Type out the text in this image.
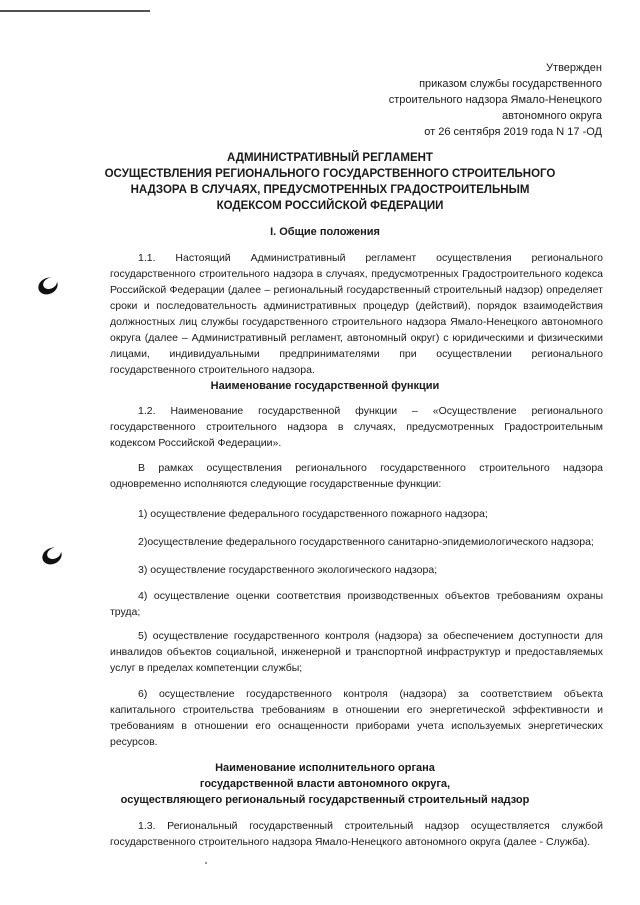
Утвержден
приказом службы государственного
строительного надзора Ямало-Ненецкого
автономного округа
от 26 сентября 2019 года N 17 -ОД
АДМИНИСТРАТИВНЫЙ РЕГЛАМЕНТ
ОСУЩЕСТВЛЕНИЯ РЕГИОНАЛЬНОГО ГОСУДАРСТВЕННОГО СТРОИТЕЛЬНОГО
НАДЗОРА В СЛУЧАЯХ, ПРЕДУСМОТРЕННЫХ ГРАДОСТРОИТЕЛЬНЫМ
КОДЕКСОМ РОССИЙСКОЙ ФЕДЕРАЦИИ
I. Общие положения
1.1. Настоящий Административный регламент осуществления регионального государственного строительного надзора в случаях, предусмотренных Градостроительного кодекса Российской Федерации (далее – региональный государственный строительный надзор) определяет сроки и последовательность административных процедур (действий), порядок взаимодействия должностных лиц службы государственного строительного надзора Ямало-Ненецкого автономного округа (далее – Административный регламент, автономный округ) с юридическими и физическими лицами, индивидуальными предпринимателями при осуществлении регионального государственного строительного надзора.
Наименование государственной функции
1.2. Наименование государственной функции – «Осуществление регионального государственного строительного надзора в случаях, предусмотренных Градостроительным кодексом Российской Федерации».
В рамках осуществления регионального государственного строительного надзора одновременно исполняются следующие государственные функции:
1) осуществление федерального государственного пожарного надзора;
2)осуществление федерального государственного санитарно-эпидемиологического надзора;
3) осуществление государственного экологического надзора;
4) осуществление оценки соответствия производственных объектов требованиям охраны труда;
5) осуществление государственного контроля (надзора) за обеспечением доступности для инвалидов объектов социальной, инженерной и транспортной инфраструктур и предоставляемых услуг в пределах компетенции службы;
6) осуществление государственного контроля (надзора) за соответствием объекта капитального строительства требованиям в отношении его энергетической эффективности и требованиям в отношении его оснащенности приборами учета используемых энергетических ресурсов.
Наименование исполнительного органа
государственной власти автономного округа,
осуществляющего региональный государственный строительный надзор
1.3. Региональный государственный строительный надзор осуществляется службой государственного строительного надзора Ямало-Ненецкого автономного округа (далее - Служба).
